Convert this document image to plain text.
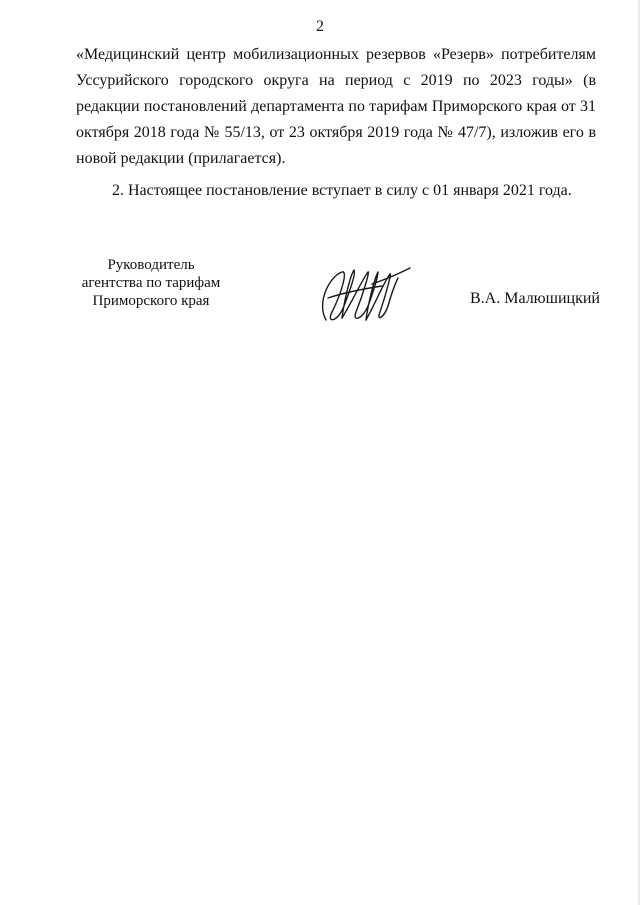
2

«Медицинский центр мобилизационных резервов «Резерв» потребителям Уссурийского городского округа на период с 2019 по 2023 годы» (в редакции постановлений департамента по тарифам Приморского края от 31 октября 2018 года № 55/13, от 23 октября 2019 года № 47/7), изложив его в новой редакции (прилагается).

2. Настоящее постановление вступает в силу с 01 января 2021 года.

Руководитель
агентства по тарифам
Приморского края	В.А. Малюшицкий
